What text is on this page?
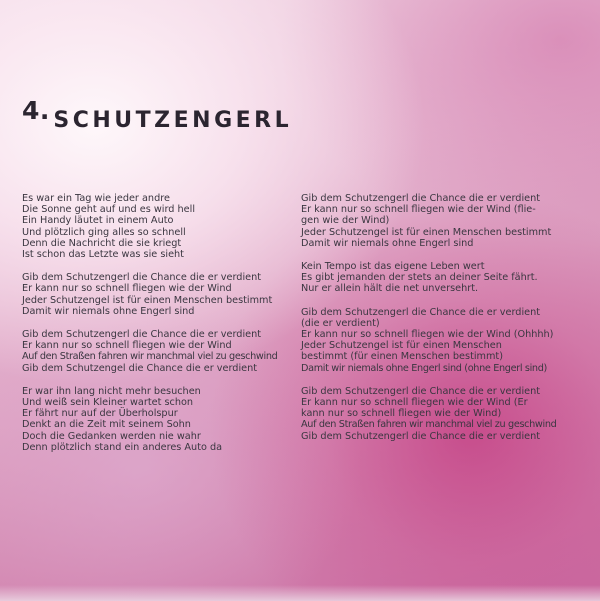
4. $_{SCHUTZENGERL}$
Es war ein Tag wie jeder andre
Die Sonne geht auf und es wird hell
Ein Handy läutet in einem Auto
Und plötzlich ging alles so schnell
Denn die Nachricht die sie kriegt
Ist schon das Letzte was sie sieht
Gib dem Schutzengerl die Chance die er verdient
Er kann nur so schnell fliegen wie der Wind
Jeder Schutzengel ist für einen Menschen bestimmt
Damit wir niemals ohne Engerl sind
Gib dem Schutzengerl die Chance die er verdient
Er kann nur so schnell fliegen wie der Wind
Auf den Straßen fahren wir manchmal viel zu geschwind
Gib dem Schutzengel die Chance die er verdient
Er war ihn lang nicht mehr besuchen
Und weiß sein Kleiner wartet schon
Er fährt nur auf der Überholspur
Denkt an die Zeit mit seinem Sohn
Doch die Gedanken werden nie wahr
Denn plötzlich stand ein anderes Auto da
Gib dem Schutzengerl die Chance die er verdient
Er kann nur so schnell fliegen wie der Wind (flie-
gen wie der Wind)
Jeder Schutzengel ist für einen Menschen bestimmt
Damit wir niemals ohne Engerl sind
Kein Tempo ist das eigene Leben wert
Es gibt jemanden der stets an deiner Seite fährt.
Nur er allein hält die net unversehrt.
Gib dem Schutzengerl die Chance die er verdient
(die er verdient)
Er kann nur so schnell fliegen wie der Wind (Ohhhh)
Jeder Schutzengel ist für einen Menschen
bestimmt (für einen Menschen bestimmt)
Damit wir niemals ohne Engerl sind (ohne Engerl sind)
Gib dem Schutzengerl die Chance die er verdient
Er kann nur so schnell fliegen wie der Wind (Er
kann nur so schnell fliegen wie der Wind)
Auf den Straßen fahren wir manchmal viel zu geschwind
Gib dem Schutzengerl die Chance die er verdient
